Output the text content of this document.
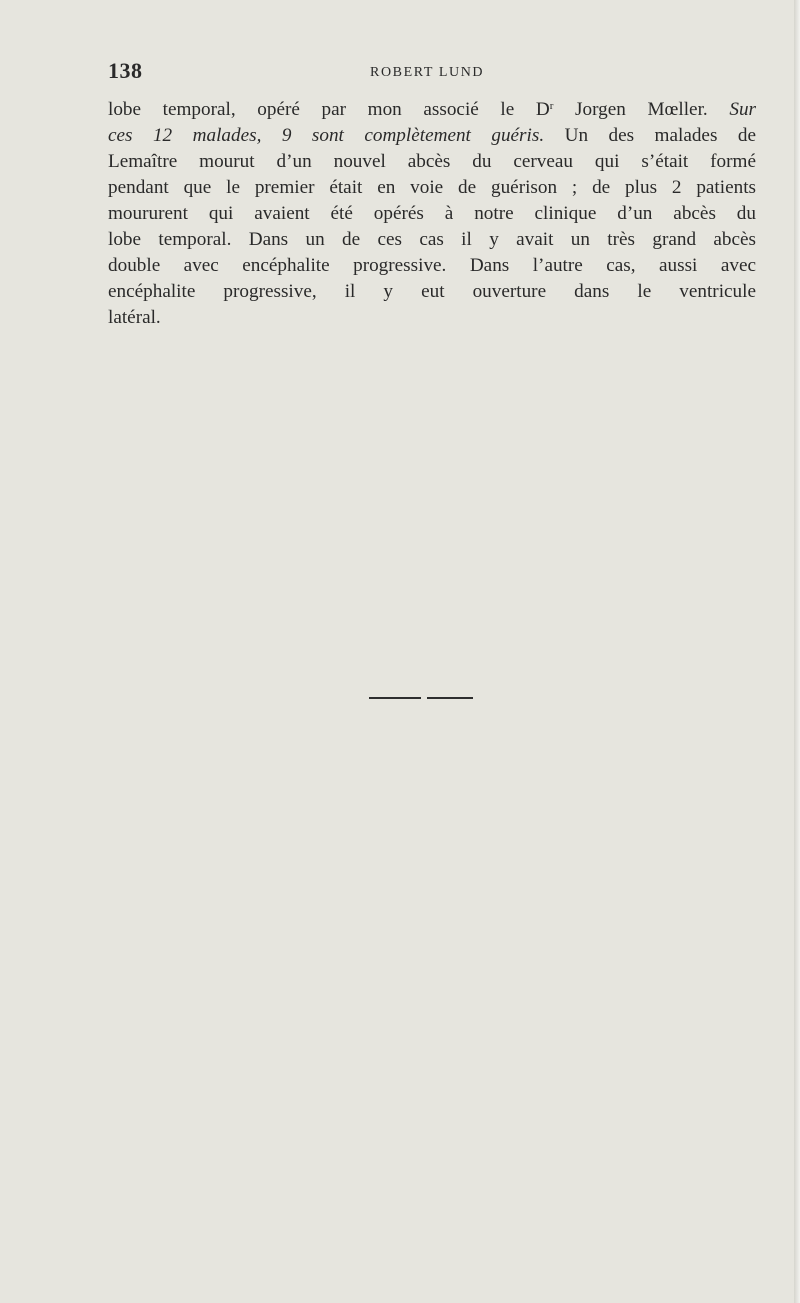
138	ROBERT LUND
lobe temporal, opéré par mon associé le $D^r$ Jorgen Mœller. Sur
ces 12 malades, 9 sont complètement guéris. Un des malades de
Lemaître mourut d’un nouvel abcès du cerveau qui s’était formé
pendant que le premier était en voie de guérison ; de plus 2 patients
moururent qui avaient été opérés à notre clinique d’un abcès du
lobe temporal. Dans un de ces cas il y avait un très grand abcès
double avec encéphalite progressive. Dans l’autre cas, aussi avec
encéphalite progressive, il y eut ouverture dans le ventricule
latéral.
